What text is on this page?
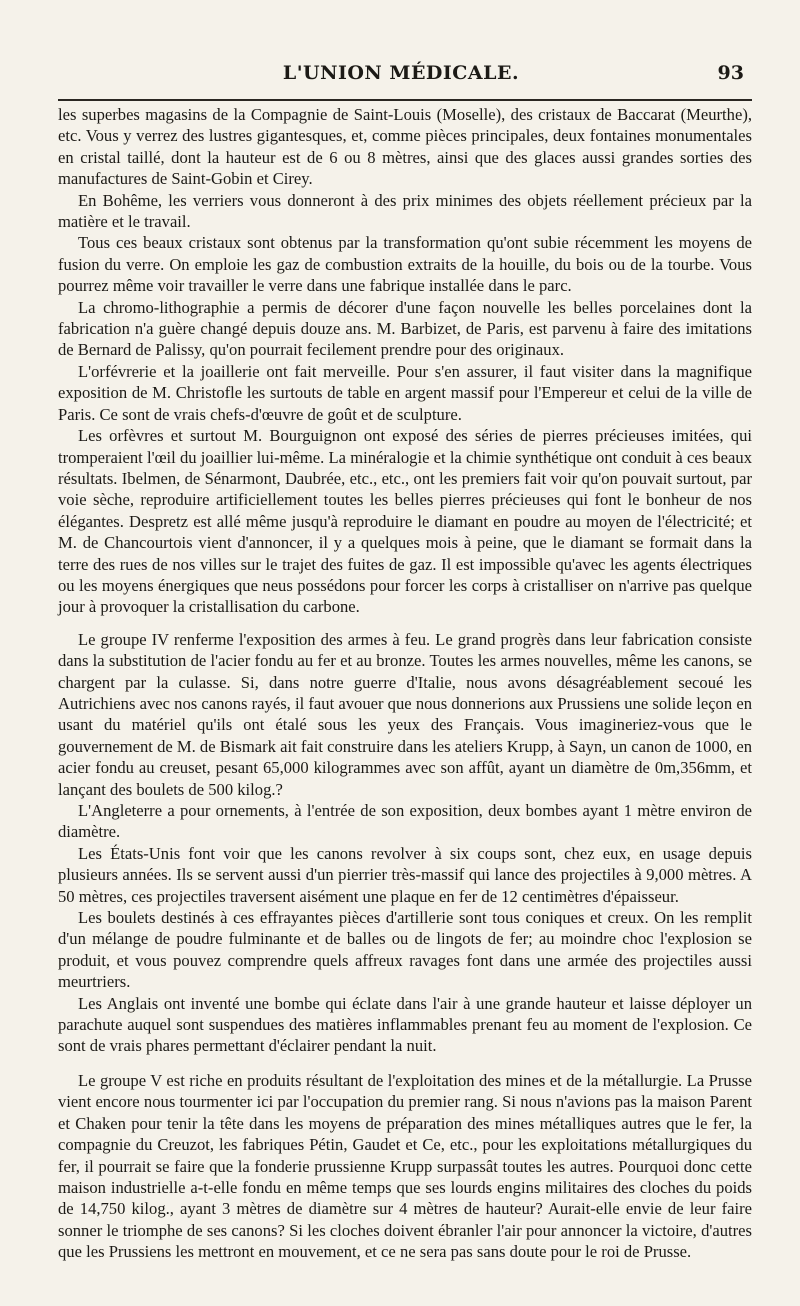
L'UNION MÉDICALE.	93

les superbes magasins de la Compagnie de Saint-Louis (Moselle), des cristaux de Baccarat (Meurthe), etc. Vous y verrez des lustres gigantesques, et, comme pièces principales, deux fontaines monumentales en cristal taillé, dont la hauteur est de 6 ou 8 mètres, ainsi que des glaces aussi grandes sorties des manufactures de Saint-Gobin et Cirey.

En Bohême, les verriers vous donneront à des prix minimes des objets réellement précieux par la matière et le travail.

Tous ces beaux cristaux sont obtenus par la transformation qu'ont subie récemment les moyens de fusion du verre. On emploie les gaz de combustion extraits de la houille, du bois ou de la tourbe. Vous pourrez même voir travailler le verre dans une fabrique installée dans le parc.

La chromo-lithographie a permis de décorer d'une façon nouvelle les belles porcelaines dont la fabrication n'a guère changé depuis douze ans. M. Barbizet, de Paris, est parvenu à faire des imitations de Bernard de Palissy, qu'on pourrait fecilement prendre pour des originaux.

L'orfévrerie et la joaillerie ont fait merveille. Pour s'en assurer, il faut visiter dans la magnifique exposition de M. Christofle les surtouts de table en argent massif pour l'Empereur et celui de la ville de Paris. Ce sont de vrais chefs-d'œuvre de goût et de sculpture.

Les orfèvres et surtout M. Bourguignon ont exposé des séries de pierres précieuses imitées, qui tromperaient l'œil du joaillier lui-même. La minéralogie et la chimie synthétique ont conduit à ces beaux résultats. Ibelmen, de Sénarmont, Daubrée, etc., etc., ont les premiers fait voir qu'on pouvait surtout, par voie sèche, reproduire artificiellement toutes les belles pierres précieuses qui font le bonheur de nos élégantes. Despretz est allé même jusqu'à reproduire le diamant en poudre au moyen de l'électricité; et M. de Chancourtois vient d'annoncer, il y a quelques mois à peine, que le diamant se formait dans la terre des rues de nos villes sur le trajet des fuites de gaz. Il est impossible qu'avec les agents électriques ou les moyens énergiques que neus possédons pour forcer les corps à cristalliser on n'arrive pas quelque jour à provoquer la cristallisation du carbone.

Le groupe IV renferme l'exposition des armes à feu. Le grand progrès dans leur fabrication consiste dans la substitution de l'acier fondu au fer et au bronze. Toutes les armes nouvelles, même les canons, se chargent par la culasse. Si, dans notre guerre d'Italie, nous avons désagréablement secoué les Autrichiens avec nos canons rayés, il faut avouer que nous donnerions aux Prussiens une solide leçon en usant du matériel qu'ils ont étalé sous les yeux des Français. Vous imagineriez-vous que le gouvernement de M. de Bismark ait fait construire dans les ateliers Krupp, à Sayn, un canon de 1000, en acier fondu au creuset, pesant 65,000 kilogrammes avec son affût, ayant un diamètre de 0m,356mm, et lançant des boulets de 500 kilog.?

L'Angleterre a pour ornements, à l'entrée de son exposition, deux bombes ayant 1 mètre environ de diamètre.

Les États-Unis font voir que les canons revolver à six coups sont, chez eux, en usage depuis plusieurs années. Ils se servent aussi d'un pierrier très-massif qui lance des projectiles à 9,000 mètres. A 50 mètres, ces projectiles traversent aisément une plaque en fer de 12 centimètres d'épaisseur.

Les boulets destinés à ces effrayantes pièces d'artillerie sont tous coniques et creux. On les remplit d'un mélange de poudre fulminante et de balles ou de lingots de fer; au moindre choc l'explosion se produit, et vous pouvez comprendre quels affreux ravages font dans une armée des projectiles aussi meurtriers.

Les Anglais ont inventé une bombe qui éclate dans l'air à une grande hauteur et laisse déployer un parachute auquel sont suspendues des matières inflammables prenant feu au moment de l'explosion. Ce sont de vrais phares permettant d'éclairer pendant la nuit.

Le groupe V est riche en produits résultant de l'exploitation des mines et de la métallurgie. La Prusse vient encore nous tourmenter ici par l'occupation du premier rang. Si nous n'avions pas la maison Parent et Chaken pour tenir la tête dans les moyens de préparation des mines métalliques autres que le fer, la compagnie du Creuzot, les fabriques Pétin, Gaudet et Ce, etc., pour les exploitations métallurgiques du fer, il pourrait se faire que la fonderie prussienne Krupp surpassât toutes les autres. Pourquoi donc cette maison industrielle a-t-elle fondu en même temps que ses lourds engins militaires des cloches du poids de 14,750 kilog., ayant 3 mètres de diamètre sur 4 mètres de hauteur? Aurait-elle envie de leur faire sonner le triomphe de ses canons? Si les cloches doivent ébranler l'air pour annoncer la victoire, d'autres que les Prussiens les mettront en mouvement, et ce ne sera pas sans doute pour le roi de Prusse.
